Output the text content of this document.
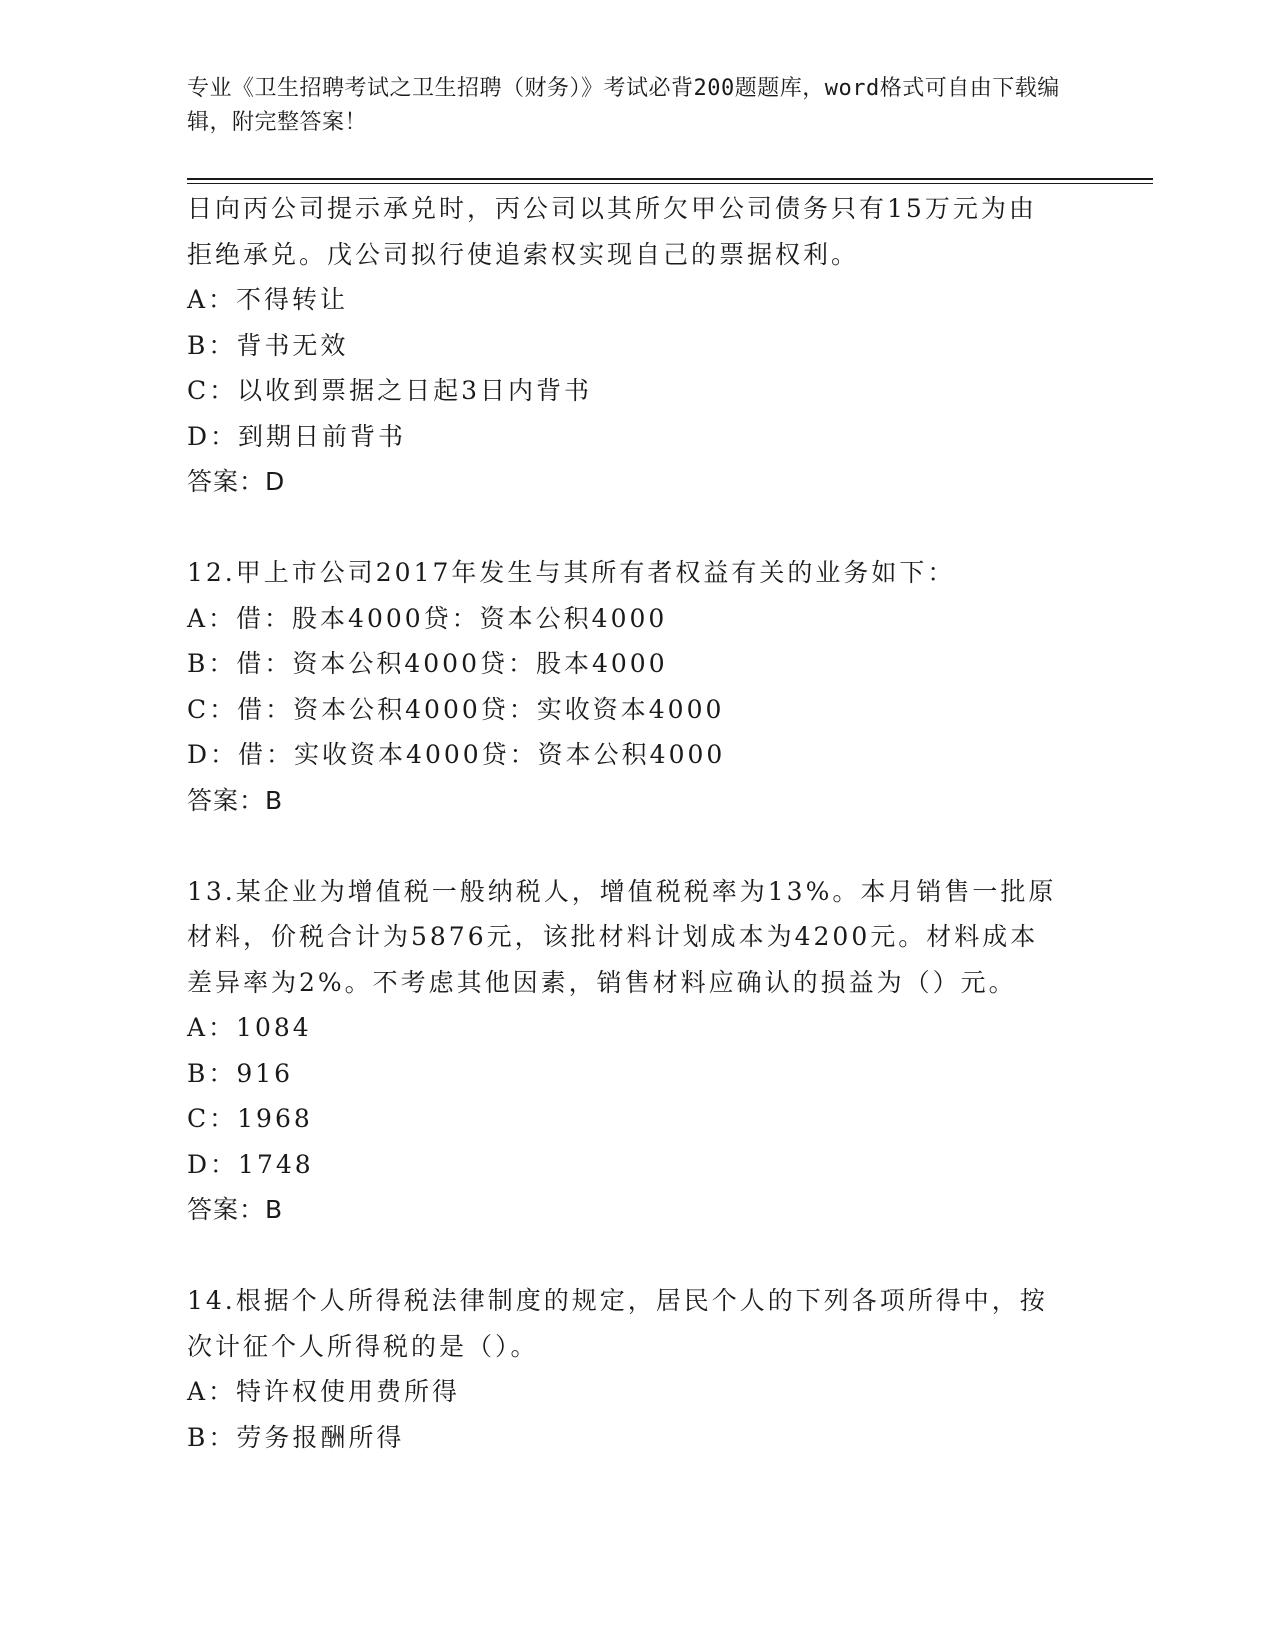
专业《卫生招聘考试之卫生招聘（财务）》考试必背200题题库，word格式可自由下载编辑，附完整答案！
日向丙公司提示承兑时，丙公司以其所欠甲公司债务只有15万元为由
拒绝承兑。戊公司拟行使追索权实现自己的票据权利。
A：不得转让
B：背书无效
C：以收到票据之日起3日内背书
D：到期日前背书
答案：D
12.甲上市公司2017年发生与其所有者权益有关的业务如下：
A：借：股本4000贷：资本公积4000
B：借：资本公积4000贷：股本4000
C：借：资本公积4000贷：实收资本4000
D：借：实收资本4000贷：资本公积4000
答案：B
13.某企业为增值税一般纳税人，增值税税率为13%。本月销售一批原
材料，价税合计为5876元，该批材料计划成本为4200元。材料成本
差异率为2%。不考虑其他因素，销售材料应确认的损益为（）元。
A：1084
B：916
C：1968
D：1748
答案：B
14.根据个人所得税法律制度的规定，居民个人的下列各项所得中，按
次计征个人所得税的是（）。
A：特许权使用费所得
B：劳务报酬所得
